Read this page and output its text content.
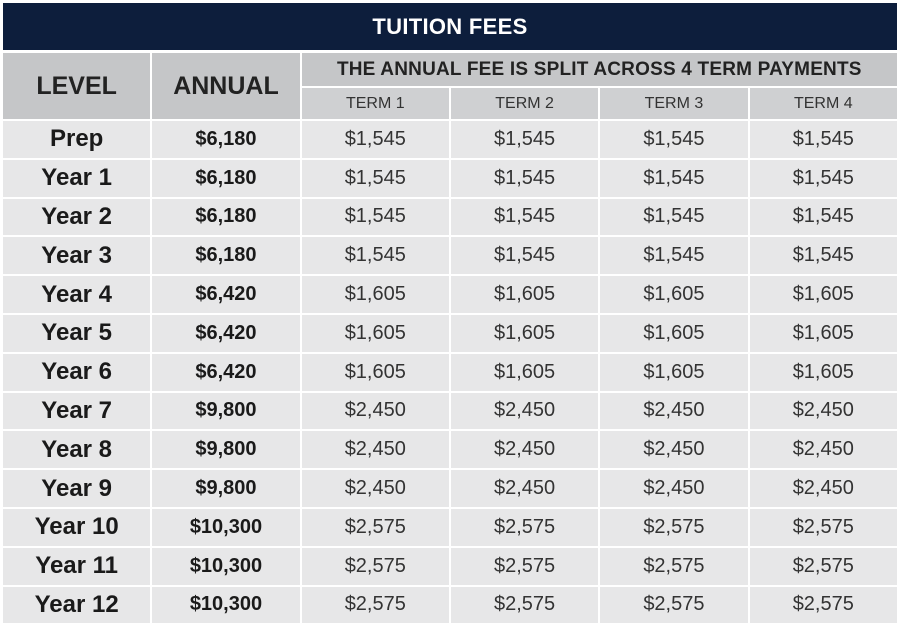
TUITION FEES
LEVEL	ANNUAL	THE ANNUAL FEE IS SPLIT ACROSS 4 TERM PAYMENTS			
		TERM 1	TERM 2	TERM 3	TERM 4
Prep	$6,180	$1,545	$1,545	$1,545	$1,545
Year 1	$6,180	$1,545	$1,545	$1,545	$1,545
Year 2	$6,180	$1,545	$1,545	$1,545	$1,545
Year 3	$6,180	$1,545	$1,545	$1,545	$1,545
Year 4	$6,420	$1,605	$1,605	$1,605	$1,605
Year 5	$6,420	$1,605	$1,605	$1,605	$1,605
Year 6	$6,420	$1,605	$1,605	$1,605	$1,605
Year 7	$9,800	$2,450	$2,450	$2,450	$2,450
Year 8	$9,800	$2,450	$2,450	$2,450	$2,450
Year 9	$9,800	$2,450	$2,450	$2,450	$2,450
Year 10	$10,300	$2,575	$2,575	$2,575	$2,575
Year 11	$10,300	$2,575	$2,575	$2,575	$2,575
Year 12	$10,300	$2,575	$2,575	$2,575	$2,575
